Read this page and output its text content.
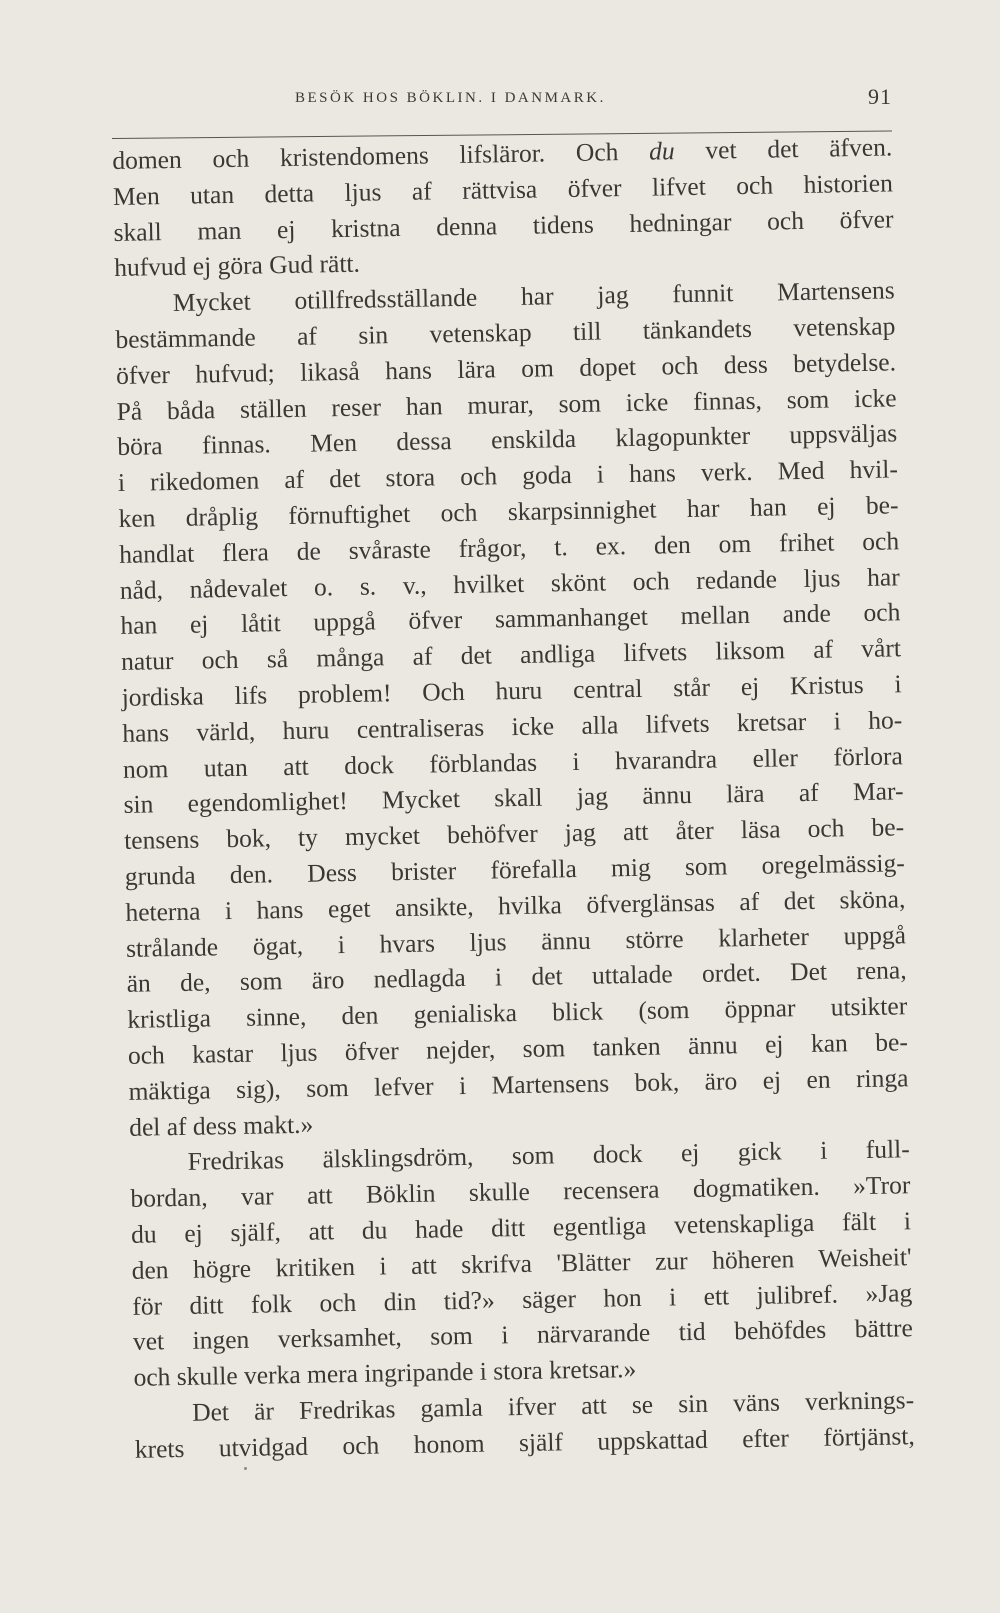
BESÖK HOS BÖKLIN. I DANMARK.	91
domen och kristendomens lifsläror. Och du vet det äfven.
Men utan detta ljus af rättvisa öfver lifvet och historien
skall man ej kristna denna tidens hedningar och öfver
hufvud ej göra Gud rätt.
Mycket otillfredsställande har jag funnit Martensens
bestämmande af sin vetenskap till tänkandets vetenskap
öfver hufvud; likaså hans lära om dopet och dess betydelse.
På båda ställen reser han murar, som icke finnas, som icke
böra finnas. Men dessa enskilda klagopunkter uppsväljas
i rikedomen af det stora och goda i hans verk. Med hvil-
ken dråplig förnuftighet och skarpsinnighet har han ej be-
handlat flera de svåraste frågor, t. ex. den om frihet och
nåd, nådevalet o. s. v., hvilket skönt och redande ljus har
han ej låtit uppgå öfver sammanhanget mellan ande och
natur och så många af det andliga lifvets liksom af vårt
jordiska lifs problem! Och huru central står ej Kristus i
hans värld, huru centraliseras icke alla lifvets kretsar i ho-
nom utan att dock förblandas i hvarandra eller förlora
sin egendomlighet! Mycket skall jag ännu lära af Mar-
tensens bok, ty mycket behöfver jag att åter läsa och be-
grunda den. Dess brister förefalla mig som oregelmässig-
heterna i hans eget ansikte, hvilka öfverglänsas af det sköna,
strålande ögat, i hvars ljus ännu större klarheter uppgå
än de, som äro nedlagda i det uttalade ordet. Det rena,
kristliga sinne, den genialiska blick (som öppnar utsikter
och kastar ljus öfver nejder, som tanken ännu ej kan be-
mäktiga sig), som lefver i Martensens bok, äro ej en ringa
del af dess makt.»
Fredrikas älsklingsdröm, som dock ej gick i full-
bordan, var att Böklin skulle recensera dogmatiken. »Tror
du ej själf, att du hade ditt egentliga vetenskapliga fält i
den högre kritiken i att skrifva 'Blätter zur höheren Weisheit'
för ditt folk och din tid?» säger hon i ett julibref. »Jag
vet ingen verksamhet, som i närvarande tid behöfdes bättre
och skulle verka mera ingripande i stora kretsar.»
Det är Fredrikas gamla ifver att se sin väns verknings-
krets utvidgad och honom själf uppskattad efter förtjänst,
